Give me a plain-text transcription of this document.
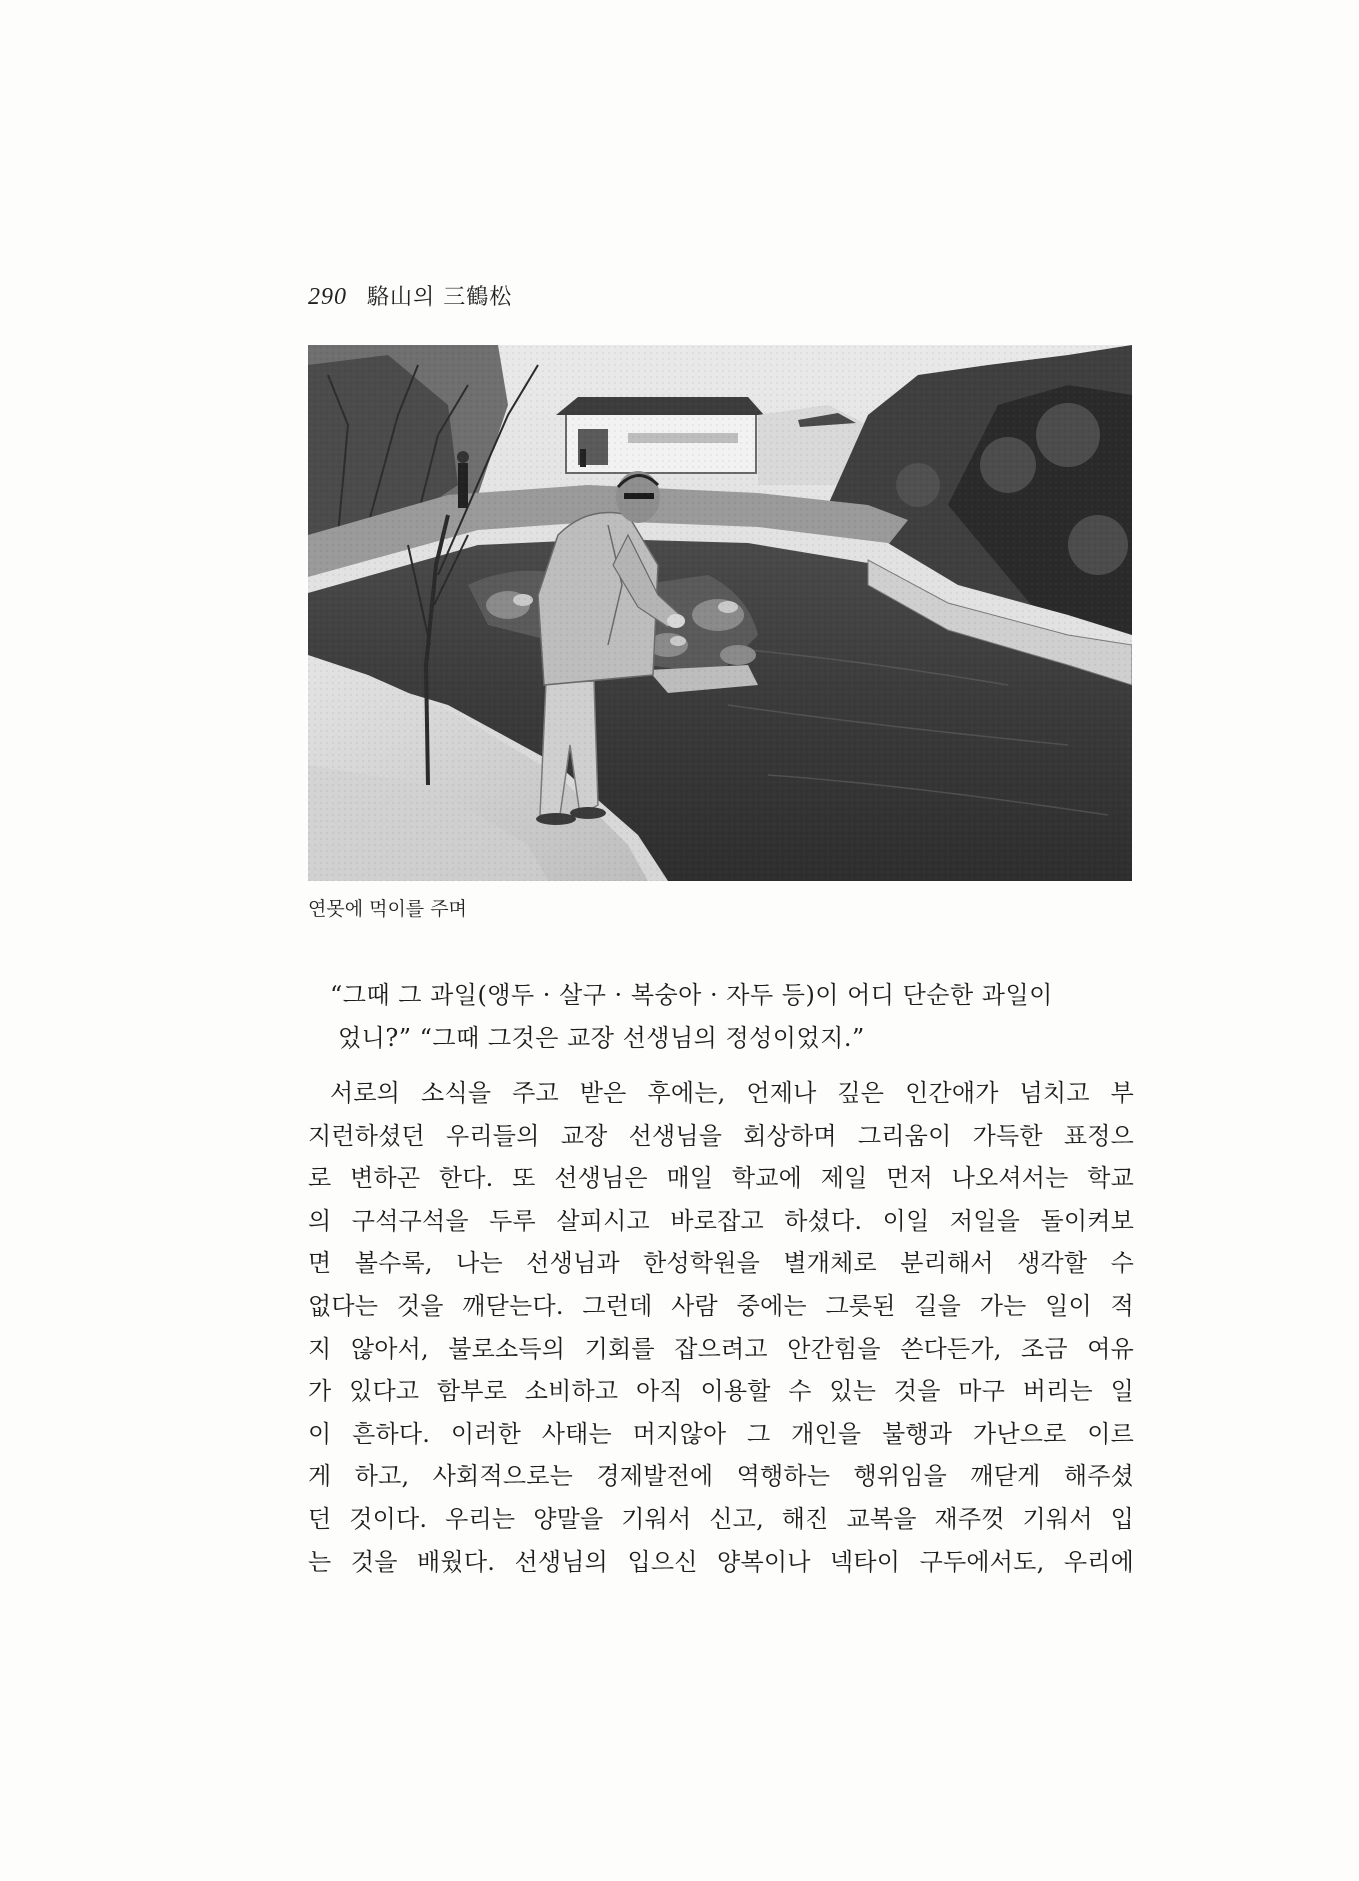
290 駱山의 三鶴松
연못에 먹이를 주며
“그때 그 과일(앵두 · 살구 · 복숭아 · 자두 등)이 어디 단순한 과일이
었니?” “그때 그것은 교장 선생님의 정성이었지.”
서로의 소식을 주고 받은 후에는, 언제나 깊은 인간애가 넘치고 부
지런하셨던 우리들의 교장 선생님을 회상하며 그리움이 가득한 표정으
로 변하곤 한다. 또 선생님은 매일 학교에 제일 먼저 나오셔서는 학교
의 구석구석을 두루 살피시고 바로잡고 하셨다. 이일 저일을 돌이켜보
면 볼수록, 나는 선생님과 한성학원을 별개체로 분리해서 생각할 수
없다는 것을 깨닫는다. 그런데 사람 중에는 그릇된 길을 가는 일이 적
지 않아서, 불로소득의 기회를 잡으려고 안간힘을 쓴다든가, 조금 여유
가 있다고 함부로 소비하고 아직 이용할 수 있는 것을 마구 버리는 일
이 흔하다. 이러한 사태는 머지않아 그 개인을 불행과 가난으로 이르
게 하고, 사회적으로는 경제발전에 역행하는 행위임을 깨닫게 해주셨
던 것이다. 우리는 양말을 기워서 신고, 해진 교복을 재주껏 기워서 입
는 것을 배웠다. 선생님의 입으신 양복이나 넥타이 구두에서도, 우리에
